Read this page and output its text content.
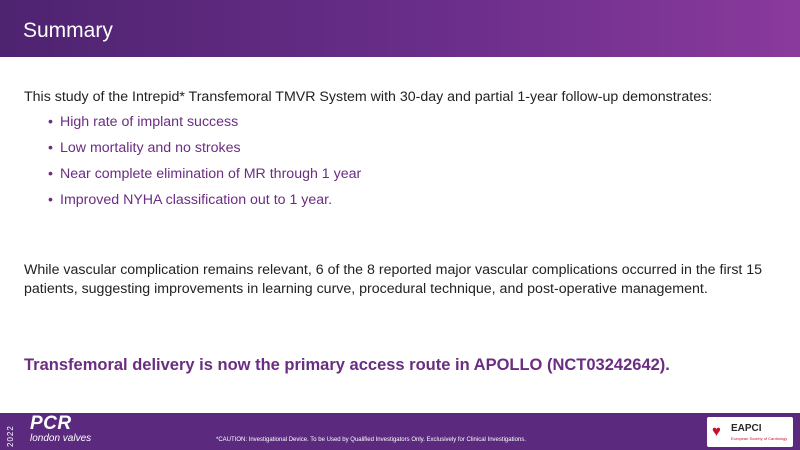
Summary

This study of the Intrepid* Transfemoral TMVR System with 30-day and partial 1-year follow-up demonstrates:

• High rate of implant success
• Low mortality and no strokes
• Near complete elimination of MR through 1 year
• Improved NYHA classification out to 1 year.

While vascular complication remains relevant, 6 of the 8 reported major vascular complications occurred in the first 15 patients, suggesting improvements in learning curve, procedural technique, and post-operative management.

Transfemoral delivery is now the primary access route in APOLLO (NCT03242642).

2022
PCR
london valves	*CAUTION: Investigational Device. To be Used by Qualified Investigators Only. Exclusively for Clinical Investigations.	♥ EAPCI
European Society of Cardiology
